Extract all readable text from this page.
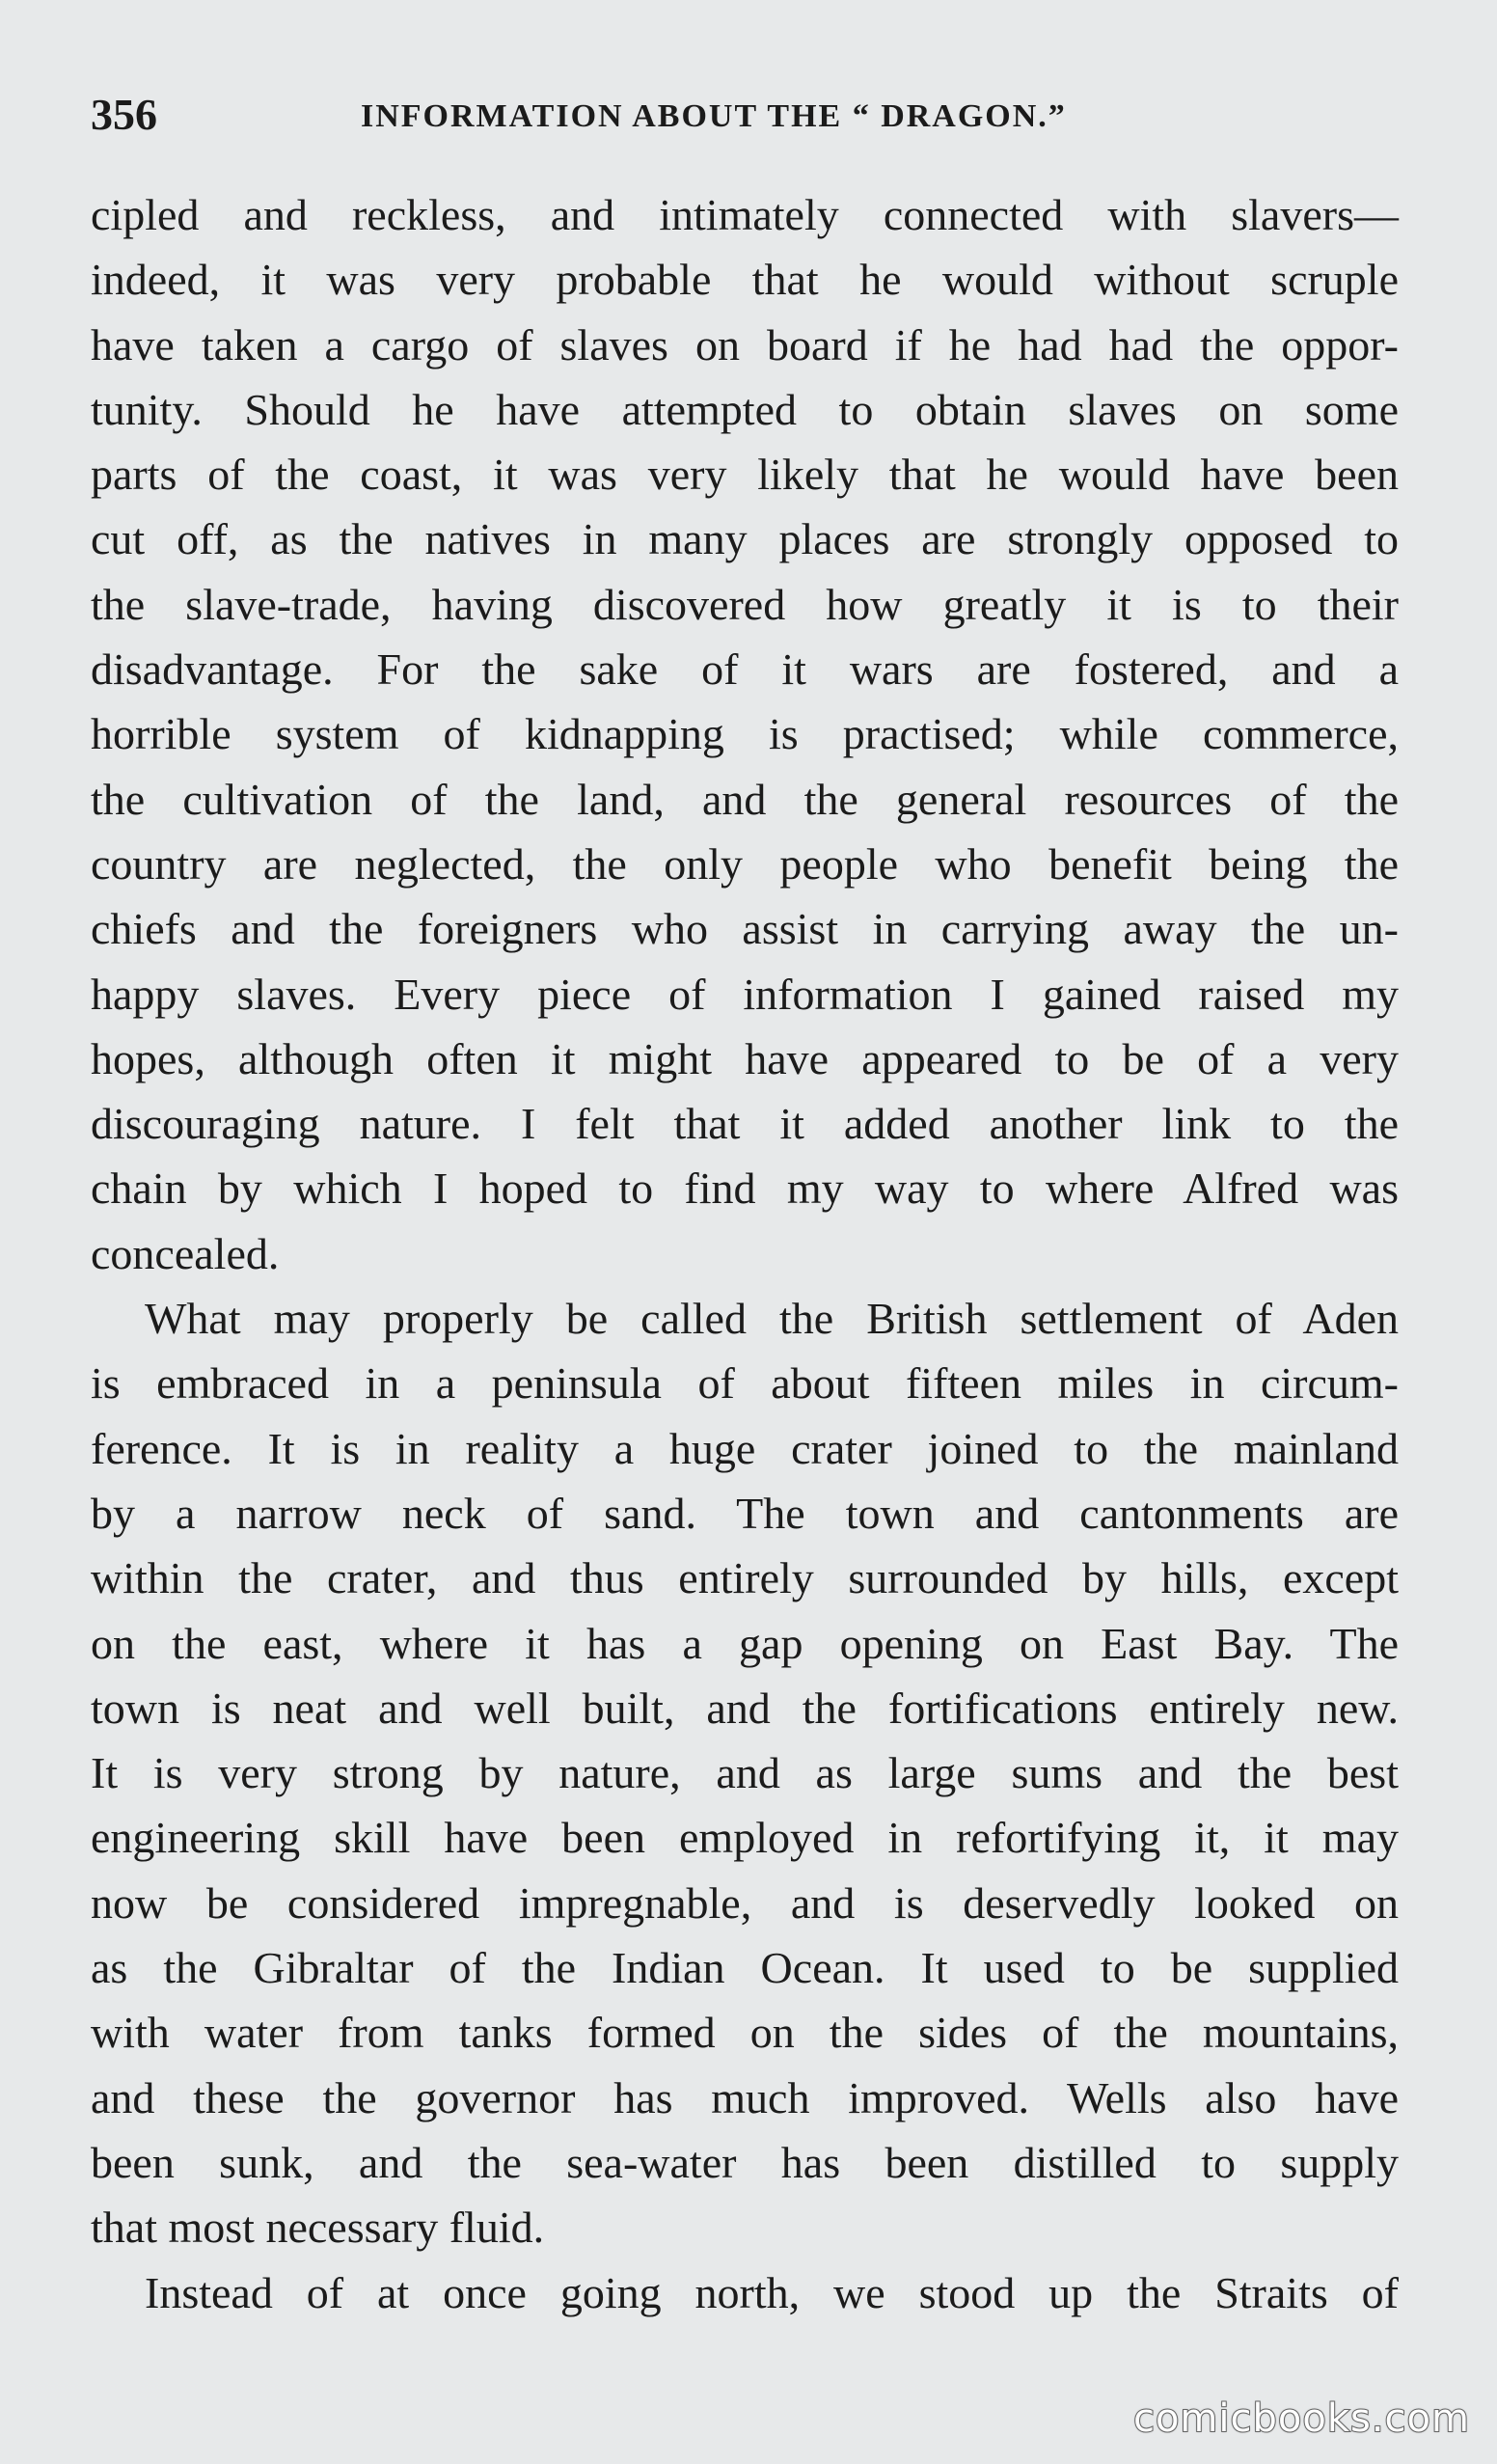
356	INFORMATION ABOUT THE “ DRAGON.”

cipled and reckless, and intimately connected with slavers—
indeed, it was very probable that he would without scruple
have taken a cargo of slaves on board if he had had the oppor-
tunity. Should he have attempted to obtain slaves on some
parts of the coast, it was very likely that he would have been
cut off, as the natives in many places are strongly opposed to
the slave-trade, having discovered how greatly it is to their
disadvantage. For the sake of it wars are fostered, and a
horrible system of kidnapping is practised; while commerce,
the cultivation of the land, and the general resources of the
country are neglected, the only people who benefit being the
chiefs and the foreigners who assist in carrying away the un-
happy slaves. Every piece of information I gained raised my
hopes, although often it might have appeared to be of a very
discouraging nature. I felt that it added another link to the
chain by which I hoped to find my way to where Alfred was
concealed.

What may properly be called the British settlement of Aden
is embraced in a peninsula of about fifteen miles in circum-
ference. It is in reality a huge crater joined to the mainland
by a narrow neck of sand. The town and cantonments are
within the crater, and thus entirely surrounded by hills, except
on the east, where it has a gap opening on East Bay. The
town is neat and well built, and the fortifications entirely new.
It is very strong by nature, and as large sums and the best
engineering skill have been employed in refortifying it, it may
now be considered impregnable, and is deservedly looked on
as the Gibraltar of the Indian Ocean. It used to be supplied
with water from tanks formed on the sides of the mountains,
and these the governor has much improved. Wells also have
been sunk, and the sea-water has been distilled to supply
that most necessary fluid.

Instead of at once going north, we stood up the Straits of

comicbooks.com
